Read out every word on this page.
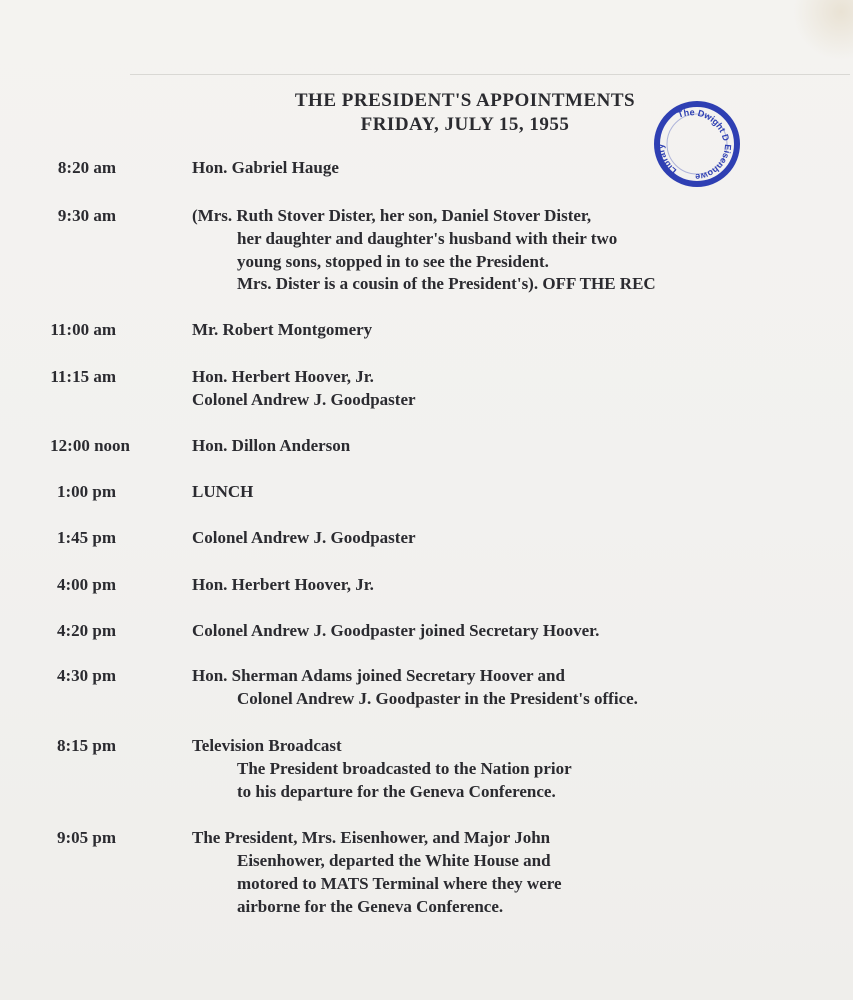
THE PRESIDENT'S APPOINTMENTS
FRIDAY, JULY 15, 1955	The Dwight D
Library	Eisenhowe
8:20 am	Hon. Gabriel Hauge
9:30 am	(Mrs. Ruth Stover Dister, her son, Daniel Stover Dister,
her daughter and daughter's husband with their two
young sons, stopped in to see the President.
Mrs. Dister is a cousin of the President's). OFF THE REC
11:00 am	Mr. Robert Montgomery
11:15 am	Hon. Herbert Hoover, Jr.
Colonel Andrew J. Goodpaster
12:00 noon	Hon. Dillon Anderson
1:00 pm	LUNCH
1:45 pm	Colonel Andrew J. Goodpaster
4:00 pm	Hon. Herbert Hoover, Jr.
4:20 pm	Colonel Andrew J. Goodpaster joined Secretary Hoover.
4:30 pm	Hon. Sherman Adams joined Secretary Hoover and
Colonel Andrew J. Goodpaster in the President's office.
8:15 pm	Television Broadcast
The President broadcasted to the Nation prior
to his departure for the Geneva Conference.
9:05 pm	The President, Mrs. Eisenhower, and Major John
Eisenhower, departed the White House and
motored to MATS Terminal where they were
airborne for the Geneva Conference.
